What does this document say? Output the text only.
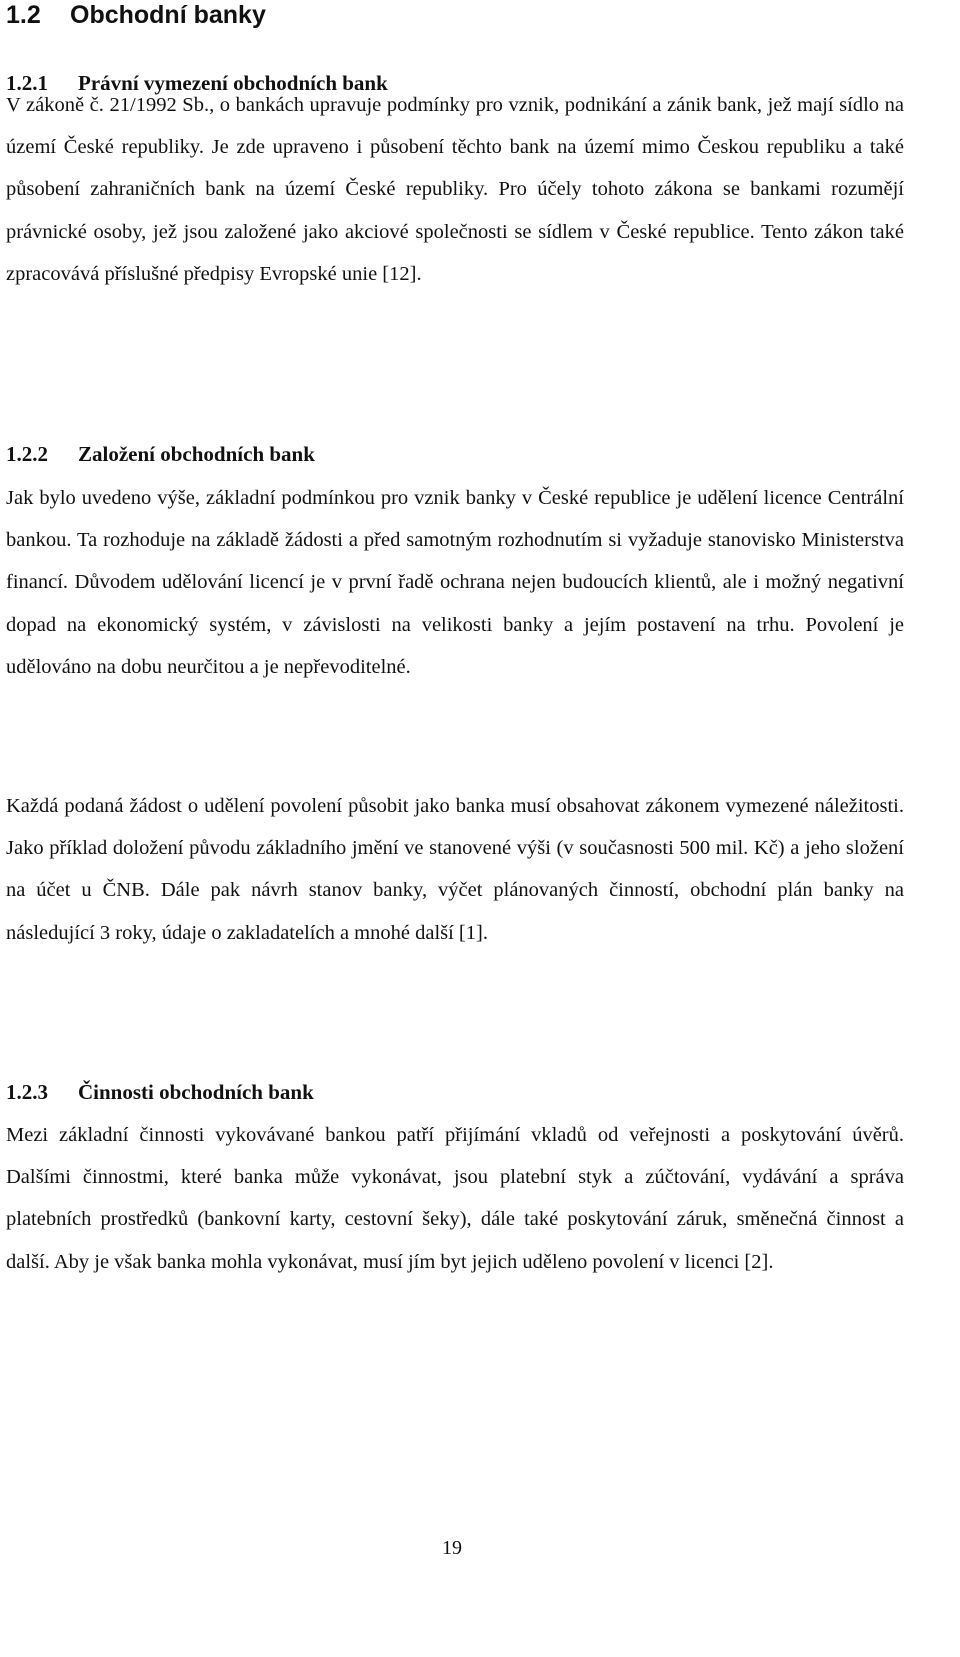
1.2 Obchodní banky
1.2.1 Právní vymezení obchodních bank

V zákoně č. 21/1992 Sb., o bankách upravuje podmínky pro vznik, podnikání a zánik bank, jež mají sídlo na území České republiky. Je zde upraveno i působení těchto bank na území mimo Českou republiku a také působení zahraničních bank na území České republiky. Pro účely tohoto zákona se bankami rozumějí právnické osoby, jež jsou založené jako akciové společnosti se sídlem v České republice. Tento zákon také zpracovává příslušné předpisy Evropské unie [12].

1.2.2 Založení obchodních bank

Jak bylo uvedeno výše, základní podmínkou pro vznik banky v České republice je udělení licence Centrální bankou. Ta rozhoduje na základě žádosti a před samotným rozhodnutím si vyžaduje stanovisko Ministerstva financí. Důvodem udělování licencí je v první řadě ochrana nejen budoucích klientů, ale i možný negativní dopad na ekonomický systém, v závislosti na velikosti banky a jejím postavení na trhu. Povolení je udělováno na dobu neurčitou a je nepřevoditelné.

Každá podaná žádost o udělení povolení působit jako banka musí obsahovat zákonem vymezené náležitosti. Jako příklad doložení původu základního jmění ve stanovené výši (v současnosti 500 mil. Kč) a jeho složení na účet u ČNB. Dále pak návrh stanov banky, výčet plánovaných činností, obchodní plán banky na následující 3 roky, údaje o zakladatelích a mnohé další [1].

1.2.3 Činnosti obchodních bank

Mezi základní činnosti vykovávané bankou patří přijímání vkladů od veřejnosti a poskytování úvěrů. Dalšími činnostmi, které banka může vykonávat, jsou platební styk a zúčtování, vydávání a správa platebních prostředků (bankovní karty, cestovní šeky), dále také poskytování záruk, směnečná činnost a další. Aby je však banka mohla vykonávat, musí jím byt jejich uděleno povolení v licenci [2].

19
